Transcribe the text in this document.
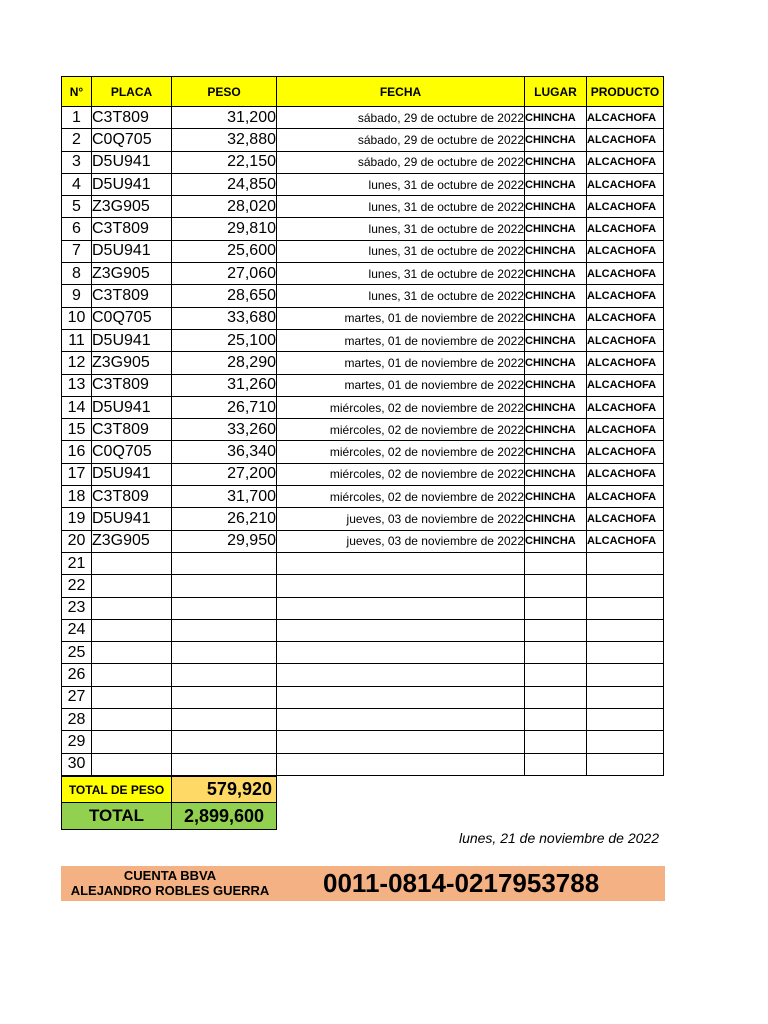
N°	PLACA	PESO	FECHA	LUGAR	PRODUCTO
1	C3T809	31,200	sábado, 29 de octubre de 2022	CHINCHA	ALCACHOFA
2	C0Q705	32,880	sábado, 29 de octubre de 2022	CHINCHA	ALCACHOFA
3	D5U941	22,150	sábado, 29 de octubre de 2022	CHINCHA	ALCACHOFA
4	D5U941	24,850	lunes, 31 de octubre de 2022	CHINCHA	ALCACHOFA
5	Z3G905	28,020	lunes, 31 de octubre de 2022	CHINCHA	ALCACHOFA
6	C3T809	29,810	lunes, 31 de octubre de 2022	CHINCHA	ALCACHOFA
7	D5U941	25,600	lunes, 31 de octubre de 2022	CHINCHA	ALCACHOFA
8	Z3G905	27,060	lunes, 31 de octubre de 2022	CHINCHA	ALCACHOFA
9	C3T809	28,650	lunes, 31 de octubre de 2022	CHINCHA	ALCACHOFA
10	C0Q705	33,680	martes, 01 de noviembre de 2022	CHINCHA	ALCACHOFA
11	D5U941	25,100	martes, 01 de noviembre de 2022	CHINCHA	ALCACHOFA
12	Z3G905	28,290	martes, 01 de noviembre de 2022	CHINCHA	ALCACHOFA
13	C3T809	31,260	martes, 01 de noviembre de 2022	CHINCHA	ALCACHOFA
14	D5U941	26,710	miércoles, 02 de noviembre de 2022	CHINCHA	ALCACHOFA
15	C3T809	33,260	miércoles, 02 de noviembre de 2022	CHINCHA	ALCACHOFA
16	C0Q705	36,340	miércoles, 02 de noviembre de 2022	CHINCHA	ALCACHOFA
17	D5U941	27,200	miércoles, 02 de noviembre de 2022	CHINCHA	ALCACHOFA
18	C3T809	31,700	miércoles, 02 de noviembre de 2022	CHINCHA	ALCACHOFA
19	D5U941	26,210	jueves, 03 de noviembre de 2022	CHINCHA	ALCACHOFA
20	Z3G905	29,950	jueves, 03 de noviembre de 2022	CHINCHA	ALCACHOFA
21					
22					
23					
24					
25					
26					
27					
28					
29					
30					
TOTAL DE PESO	579,920
TOTAL	2,899,600
lunes, 21 de noviembre de 2022
CUENTA BBVA
ALEJANDRO ROBLES GUERRA	0011-0814-0217953788
